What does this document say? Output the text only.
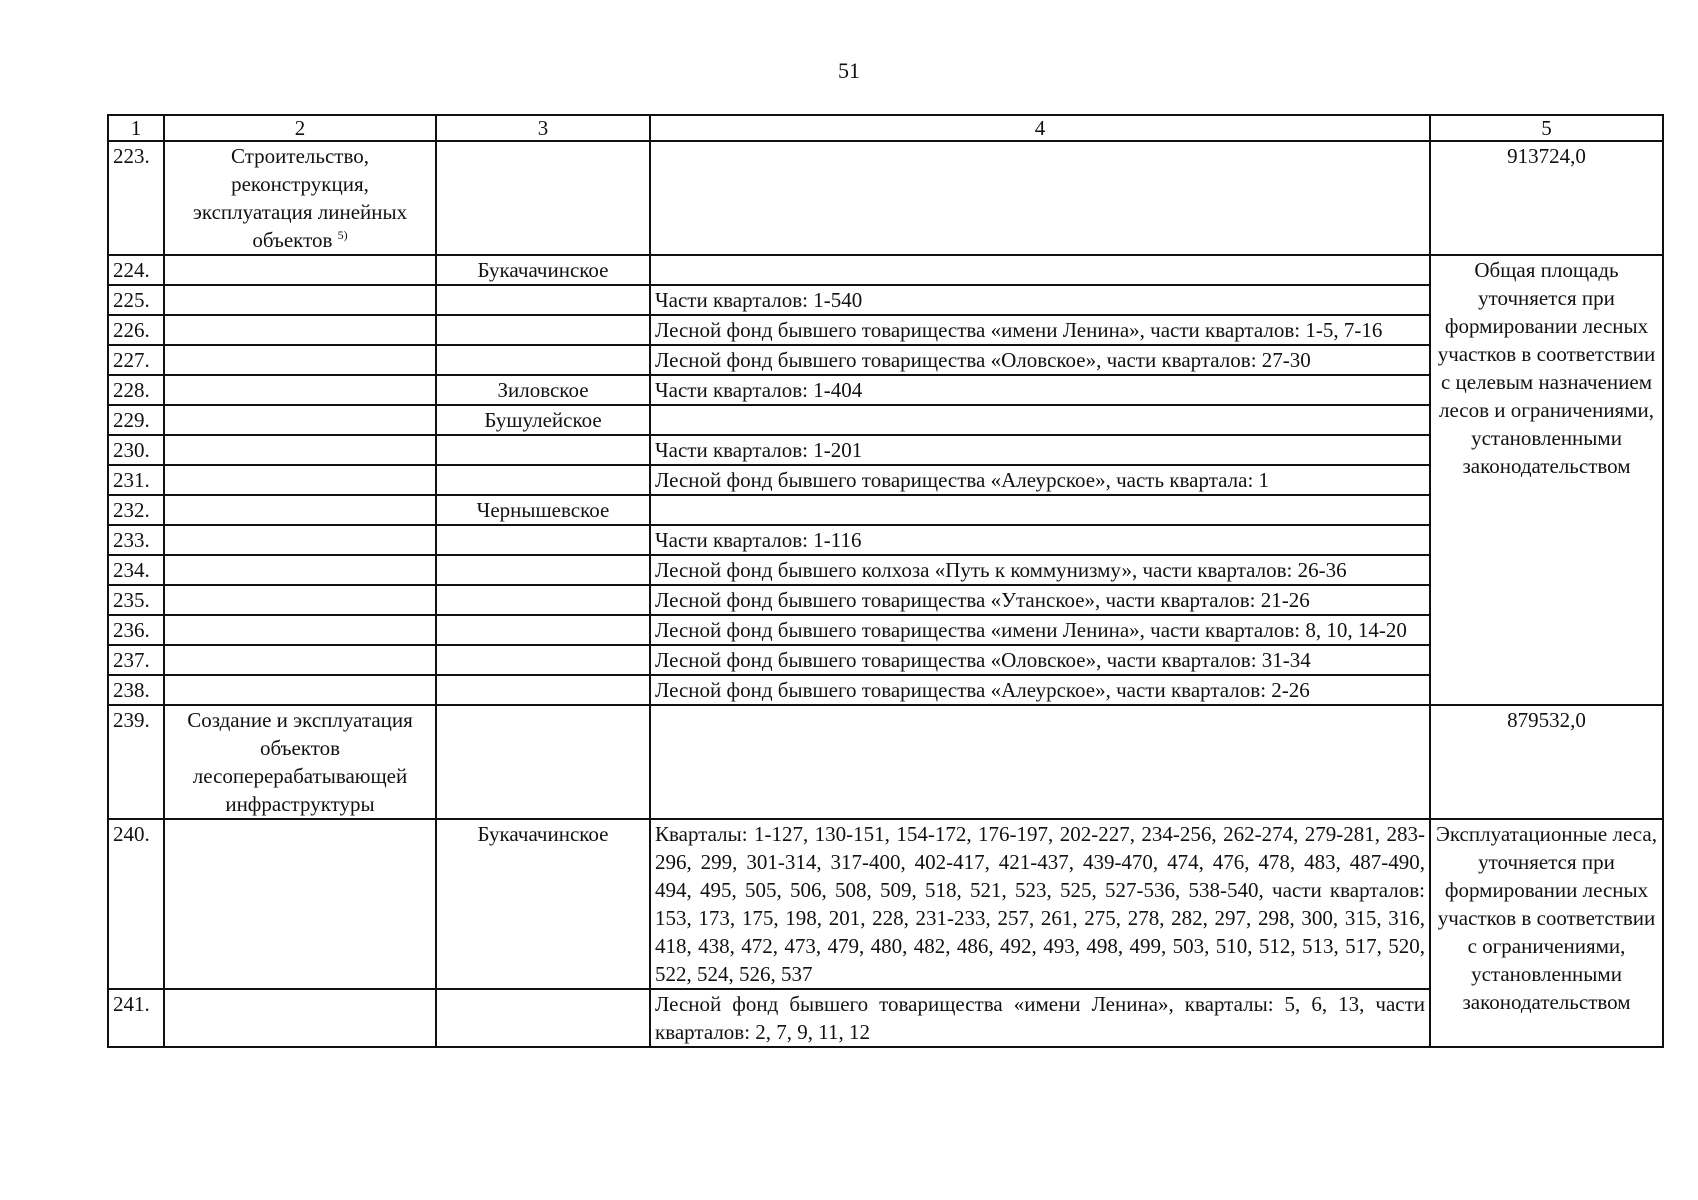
51
1	2	3	4	5
223.	Строительство, реконструкция, эксплуатация линейных объектов $^{5)}$			913724,0
224.		Букачачинское		Общая площадь уточняется при формировании лесных участков в соответствии с целевым назначением лесов и ограничениями, установленными законодательством
225.			Части кварталов: 1-540	
226.			Лесной фонд бывшего товарищества «имени Ленина», части кварталов: 1-5, 7-16	
227.			Лесной фонд бывшего товарищества «Оловское», части кварталов: 27-30	
228.		Зиловское	Части кварталов: 1-404	
229.		Бушулейское		
230.			Части кварталов: 1-201	
231.			Лесной фонд бывшего товарищества «Алеурское», часть квартала: 1	
232.		Чернышевское		
233.			Части кварталов: 1-116	
234.			Лесной фонд бывшего колхоза «Путь к коммунизму», части кварталов: 26-36	
235.			Лесной фонд бывшего товарищества «Утанское», части кварталов: 21-26	
236.			Лесной фонд бывшего товарищества «имени Ленина», части кварталов: 8, 10, 14-20	
237.			Лесной фонд бывшего товарищества «Оловское», части кварталов: 31-34	
238.			Лесной фонд бывшего товарищества «Алеурское», части кварталов: 2-26	
239.	Создание и эксплуатация объектов лесоперерабатывающей инфраструктуры			879532,0
240.		Букачачинское	Кварталы: 1-127, 130-151, 154-172, 176-197, 202-227, 234-256, 262-274, 279-281, 283-296, 299, 301-314, 317-400, 402-417, 421-437, 439-470, 474, 476, 478, 483, 487-490, 494, 495, 505, 506, 508, 509, 518, 521, 523, 525, 527-536, 538-540, части кварталов: 153, 173, 175, 198, 201, 228, 231-233, 257, 261, 275, 278, 282, 297, 298, 300, 315, 316, 418, 438, 472, 473, 479, 480, 482, 486, 492, 493, 498, 499, 503, 510, 512, 513, 517, 520, 522, 524, 526, 537	Эксплуатационные леса, уточняется при формировании лесных участков в соответствии с ограничениями, установленными законодательством
241.			Лесной фонд бывшего товарищества «имени Ленина», кварталы: 5, 6, 13, части кварталов: 2, 7, 9, 11, 12	
